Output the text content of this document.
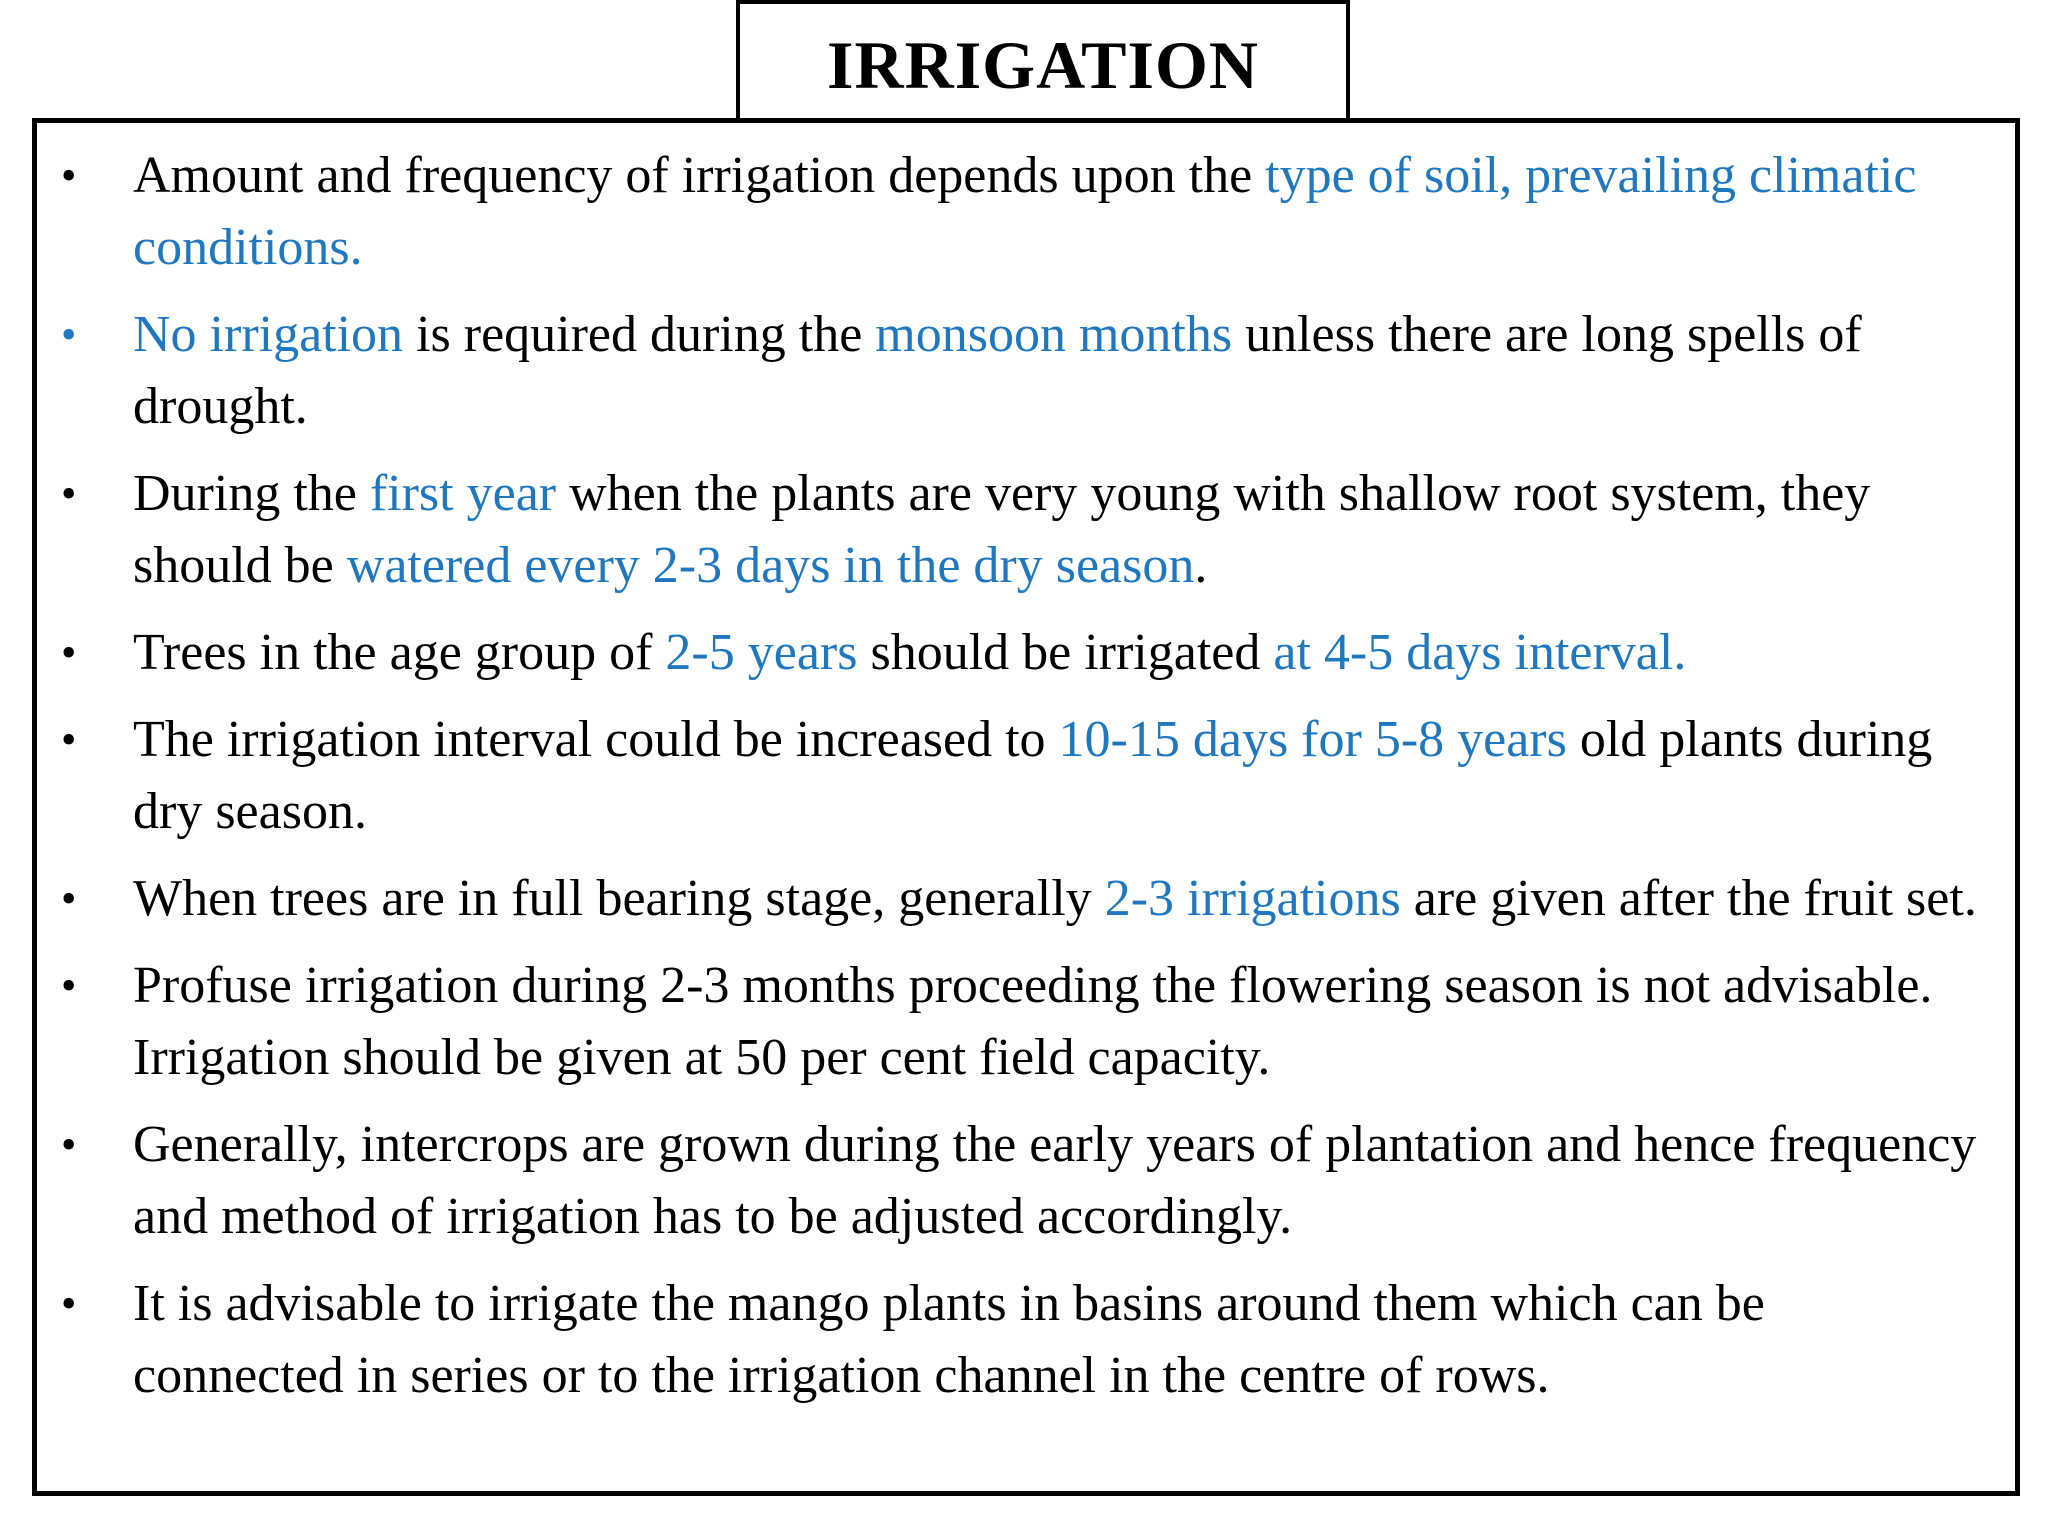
IRRIGATION
• Amount and frequency of irrigation depends upon the type of soil, prevailing climatic conditions.
• No irrigation is required during the monsoon months unless there are long spells of drought.
• During the first year when the plants are very young with shallow root system, they should be watered every 2-3 days in the dry season.
• Trees in the age group of 2-5 years should be irrigated at 4-5 days interval.
• The irrigation interval could be increased to 10-15 days for 5-8 years old plants during dry season.
• When trees are in full bearing stage, generally 2-3 irrigations are given after the fruit set.
• Profuse irrigation during 2-3 months proceeding the flowering season is not advisable. Irrigation should be given at 50 per cent field capacity.
• Generally, intercrops are grown during the early years of plantation and hence frequency and method of irrigation has to be adjusted accordingly.
• It is advisable to irrigate the mango plants in basins around them which can be connected in series or to the irrigation channel in the centre of rows.
